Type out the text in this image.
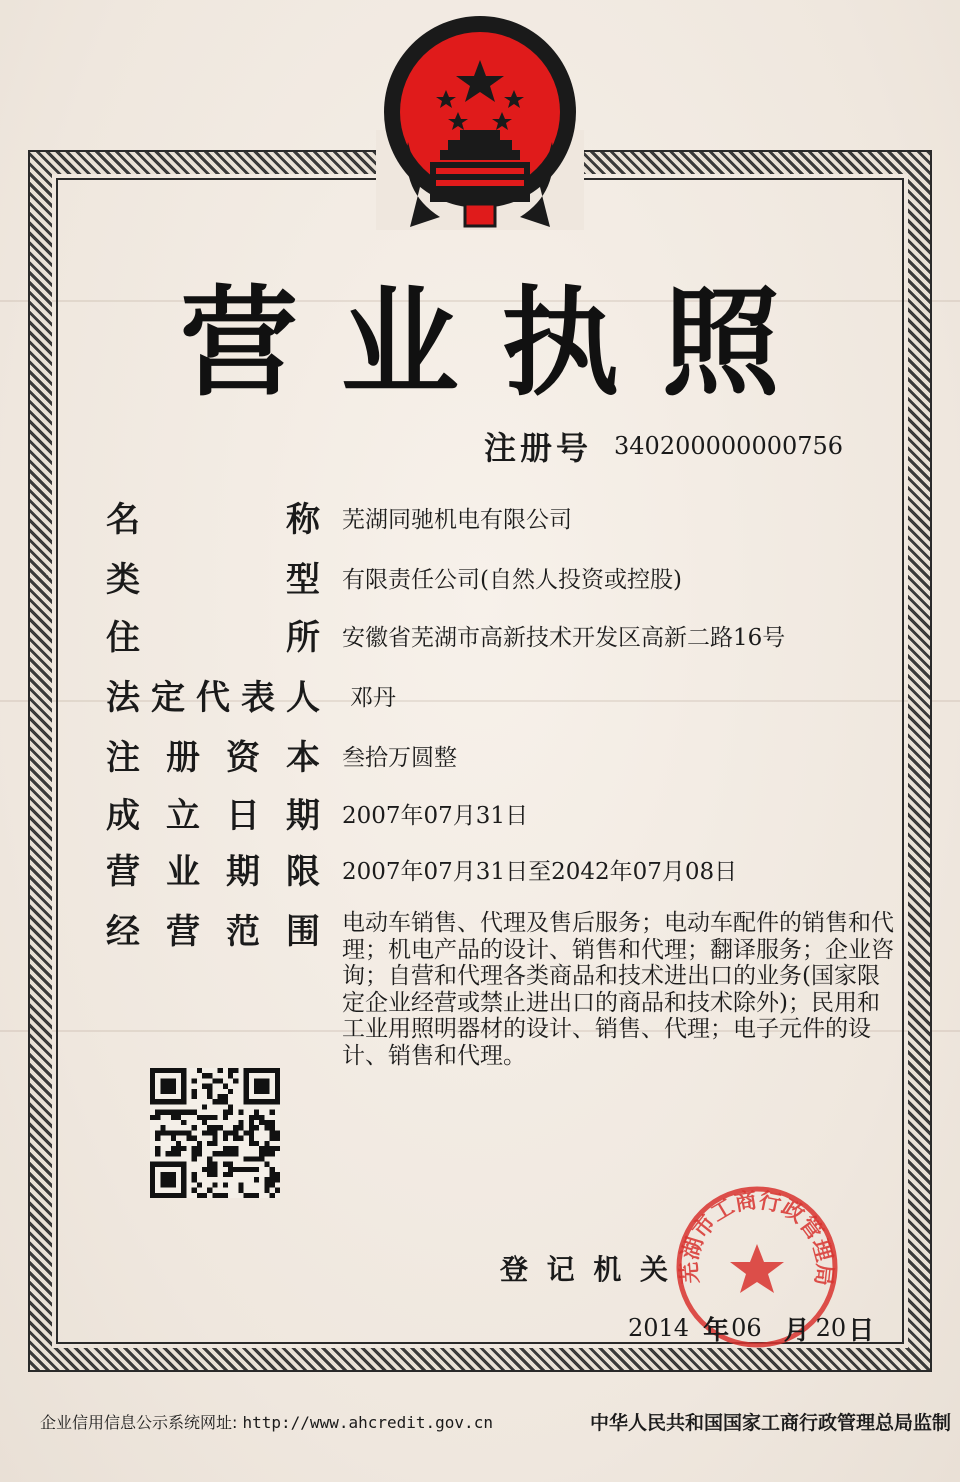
营 业 执 照
注册号 340200000000756
名	称 芜湖同驰机电有限公司
类	型 有限责任公司(自然人投资或控股)
住	所 安徽省芜湖市高新技术开发区高新二路16号
法 定 代 表 人 邓丹
注 册 资 本 叁拾万圆整
成 立 日 期 2007年07月31日
营 业 期 限 2007年07月31日至2042年07月08日
经 营 范 围 电动车销售、代理及售后服务；电动车配件的销售和代理；机电产品的设计、销售和代理；翻译服务；企业咨询；自营和代理各类商品和技术进出口的业务(国家限定企业经营或禁止进出口的商品和技术除外)；民用和工业用照明器材的设计、销售、代理；电子元件的设计、销售和代理。
登 记 机 关 芜湖市工商行政管理局
2014 年 06 月 20 日
企业信用信息公示系统网址: http://www.ahcredit.gov.cn	中华人民共和国国家工商行政管理总局监制
